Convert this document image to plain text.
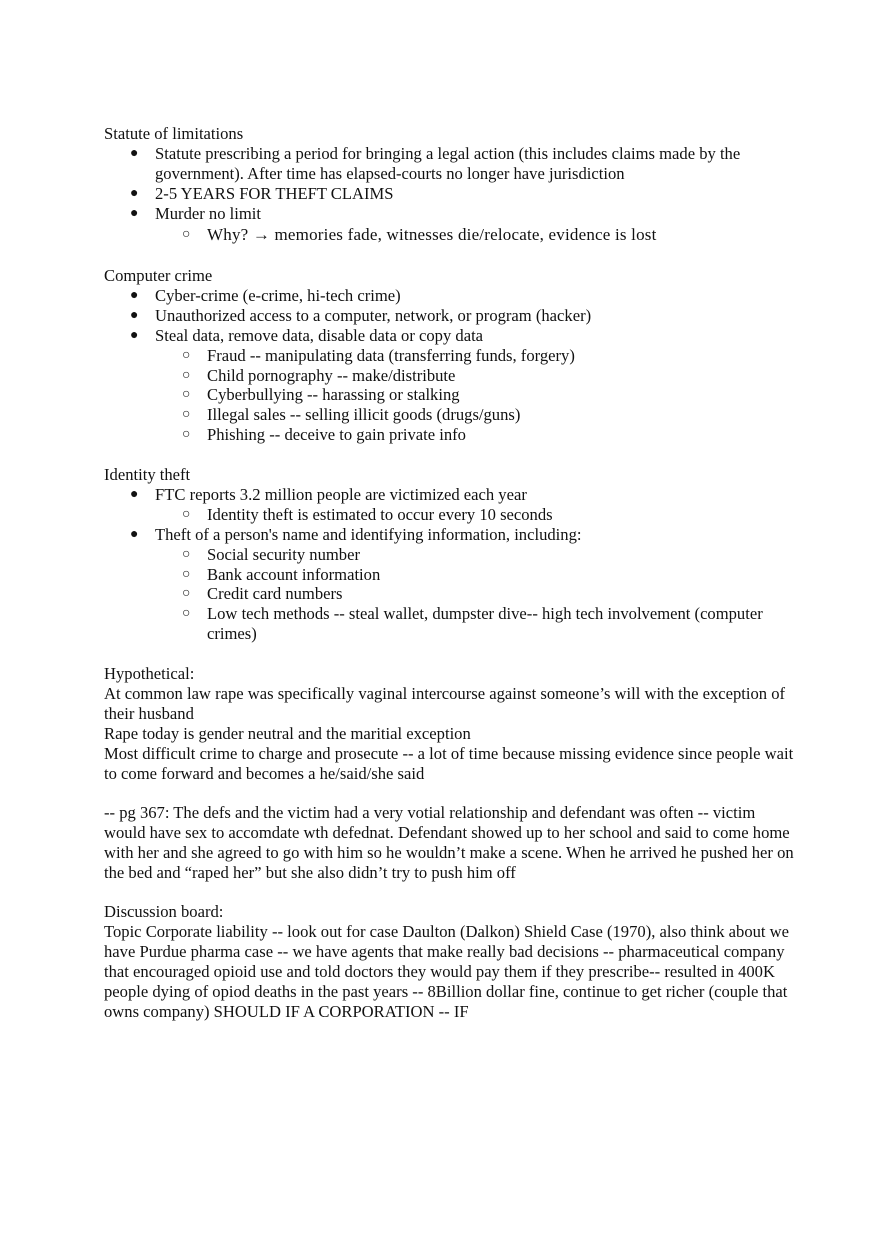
Statute of limitations
● Statute prescribing a period for bringing a legal action (this includes claims made by the government). After time has elapsed-courts no longer have jurisdiction
● 2-5 YEARS FOR THEFT CLAIMS
● Murder no limit
○ Why? → memories fade, witnesses die/relocate, evidence is lost
Computer crime
● Cyber-crime (e-crime, hi-tech crime)
● Unauthorized access to a computer, network, or program (hacker)
● Steal data, remove data, disable data or copy data
○ Fraud -- manipulating data (transferring funds, forgery)
○ Child pornography -- make/distribute
○ Cyberbullying -- harassing or stalking
○ Illegal sales -- selling illicit goods (drugs/guns)
○ Phishing -- deceive to gain private info
Identity theft
● FTC reports 3.2 million people are victimized each year
○ Identity theft is estimated to occur every 10 seconds
● Theft of a person's name and identifying information, including:
○ Social security number
○ Bank account information
○ Credit card numbers
○ Low tech methods -- steal wallet, dumpster dive-- high tech involvement (computer crimes)
Hypothetical:

At common law rape was specifically vaginal intercourse against someone’s will with the exception of their husband

Rape today is gender neutral and the maritial exception

Most difficult crime to charge and prosecute -- a lot of time because missing evidence since people wait to come forward and becomes a he/said/she said

-- pg 367: The defs and the victim had a very votial relationship and defendant was often -- victim would have sex to accomdate wth defednat. Defendant showed up to her school and said to come home with her and she agreed to go with him so he wouldn’t make a scene. When he arrived he pushed her on the bed and “raped her” but she also didn’t try to push him off

Discussion board:

Topic Corporate liability -- look out for case Daulton (Dalkon) Shield Case (1970), also think about we have Purdue pharma case -- we have agents that make really bad decisions -- pharmaceutical company that encouraged opioid use and told doctors they would pay them if they prescribe-- resulted in 400K people dying of opiod deaths in the past years -- 8Billion dollar fine, continue to get richer (couple that owns company) SHOULD IF A CORPORATION -- IF
